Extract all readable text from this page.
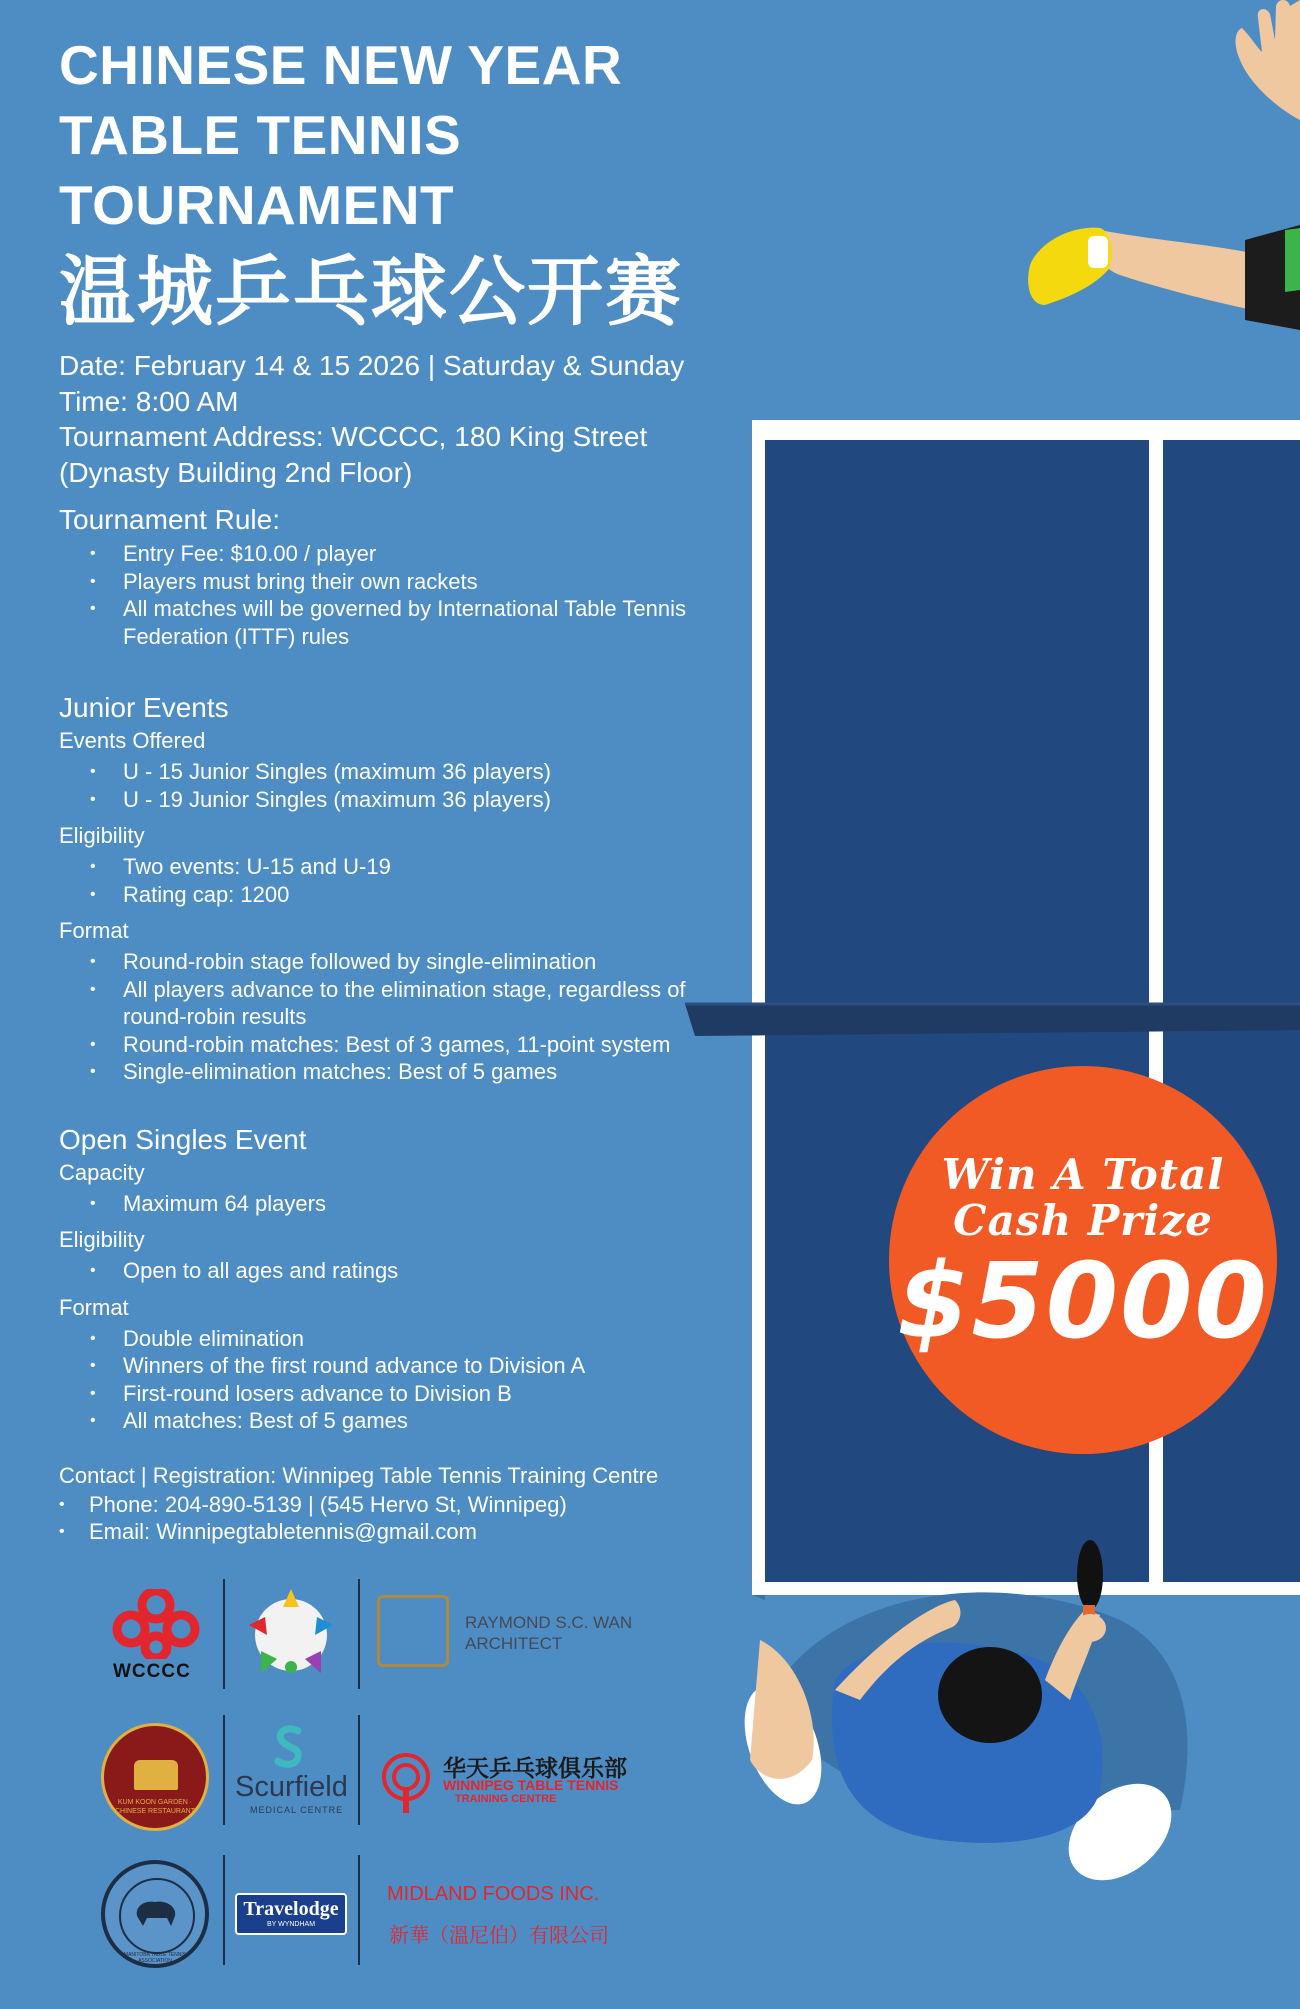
Win A Total
Cash Prize
$5000
CHINESE NEW YEAR
TABLE TENNIS TOURNAMENT
温城乒乓球公开赛

Date: February 14 & 15 2026 | Saturday & Sunday

Time: 8:00 AM

Tournament Address: WCCCC, 180 King Street

(Dynasty Building 2nd Floor)

Tournament Rule:

• Entry Fee: $10.00 / player
• Players must bring their own rackets
• All matches will be governed by International Table Tennis Federation (ITTF) rules

Junior Events

Events Offered

• U - 15 Junior Singles (maximum 36 players)
• U - 19 Junior Singles (maximum 36 players)

Eligibility

• Two events: U-15 and U-19
• Rating cap: 1200

Format

• Round-robin stage followed by single-elimination
• All players advance to the elimination stage, regardless of round-robin results
• Round-robin matches: Best of 3 games, 11-point system
• Single-elimination matches: Best of 5 games

Open Singles Event

Capacity

• Maximum 64 players

Eligibility

• Open to all ages and ratings

Format

• Double elimination
• Winners of the first round advance to Division A
• First-round losers advance to Division B
• All matches: Best of 5 games

Contact | Registration: Winnipeg Table Tennis Training Centre

• Phone: 204-890-5139 | (545 Hervo St, Winnipeg)
• Email: Winnipegtabletennis@gmail.com
WCCCC
RAYMOND S.C. WAN
ARCHITECT
KUM KOON GARDEN · CHINESE RESTAURANT
Scurfield
MEDICAL CENTRE
华天乒乓球俱乐部
WINNIPEG TABLE TENNIS
TRAINING CENTRE
MANITOBA TABLE TENNIS ASSOCIATION
Travelodge
BY WYNDHAM
MIDLAND FOODS INC.
新華（溫尼伯）有限公司
